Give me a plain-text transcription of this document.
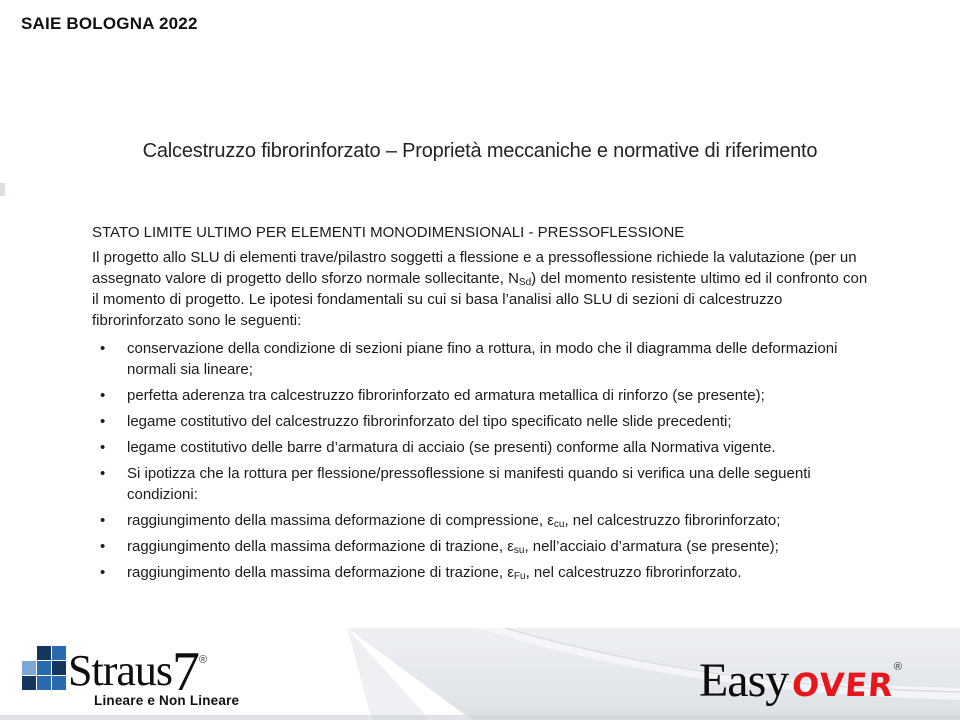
SAIE BOLOGNA 2022
Calcestruzzo fibrorinforzato – Proprietà meccaniche e normative di riferimento

STATO LIMITE ULTIMO PER ELEMENTI MONODIMENSIONALI - PRESSOFLESSIONE

Il progetto allo SLU di elementi trave/pilastro soggetti a flessione e a pressoflessione richiede la valutazione (per un assegnato valore di progetto dello sforzo normale sollecitante, $N_{Sd}$) del momento resistente ultimo ed il confronto con il momento di progetto. Le ipotesi fondamentali su cui si basa l’analisi allo SLU di sezioni di calcestruzzo fibrorinforzato sono le seguenti:

• conservazione della condizione di sezioni piane fino a rottura, in modo che il diagramma delle deformazioni normali sia lineare;
• perfetta aderenza tra calcestruzzo fibrorinforzato ed armatura metallica di rinforzo (se presente);
• legame costitutivo del calcestruzzo fibrorinforzato del tipo specificato nelle slide precedenti;
• legame costitutivo delle barre d’armatura di acciaio (se presenti) conforme alla Normativa vigente.
• Si ipotizza che la rottura per flessione/pressoflessione si manifesti quando si verifica una delle seguenti condizioni:
• raggiungimento della massima deformazione di compressione, $\varepsilon_{cu}$, nel calcestruzzo fibrorinforzato;
• raggiungimento della massima deformazione di trazione, $\varepsilon_{su}$, nell’acciaio d’armatura (se presente);
• raggiungimento della massima deformazione di trazione, $\varepsilon_{Fu}$, nel calcestruzzo fibrorinforzato.
Straus7®
Lineare e Non Lineare	Easy OVER
®
